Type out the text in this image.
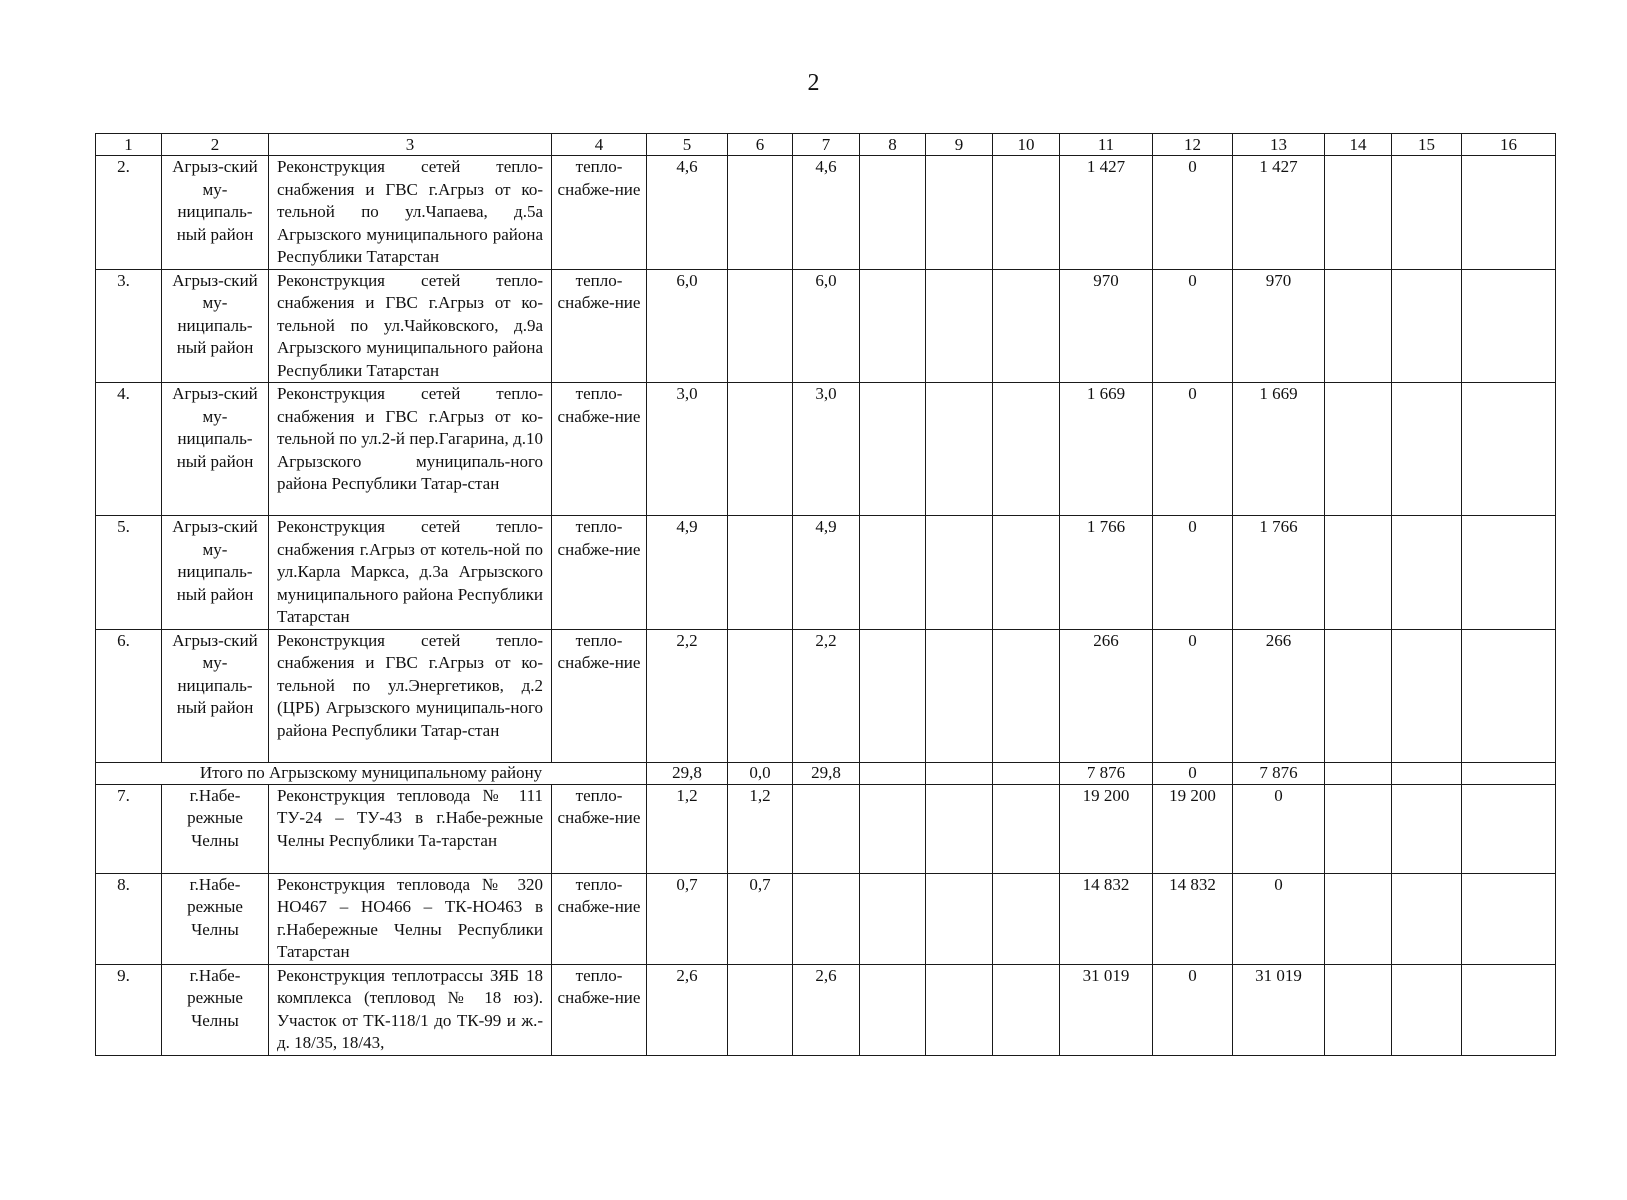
2
1	2	3	4	5	6	7	8	9	10	11	12	13	14	15	16
2.	Агрыз-ский му-ниципаль-ный район	Реконструкция сетей тепло-снабжения и ГВС г.Агрыз от ко-тельной по ул.Чапаева, д.5а Агрызского муниципального района Республики Татарстан	тепло-снабже-ние	4,6		4,6				1 427	0	1 427			
3.	Агрыз-ский му-ниципаль-ный район	Реконструкция сетей тепло-снабжения и ГВС г.Агрыз от ко-тельной по ул.Чайковского, д.9а Агрызского муниципального района Республики Татарстан	тепло-снабже-ние	6,0		6,0				970	0	970			
4.	Агрыз-ский му-ниципаль-ный район	Реконструкция сетей тепло-снабжения и ГВС г.Агрыз от ко-тельной по ул.2-й пер.Гагарина, д.10 Агрызского муниципаль-ного района Республики Татар-стан	тепло-снабже-ние	3,0		3,0				1 669	0	1 669			
5.	Агрыз-ский му-ниципаль-ный район	Реконструкция сетей тепло-снабжения г.Агрыз от котель-ной по ул.Карла Маркса, д.3а Агрызского муниципального района Республики Татарстан	тепло-снабже-ние	4,9		4,9				1 766	0	1 766			
6.	Агрыз-ский му-ниципаль-ный район	Реконструкция сетей тепло-снабжения и ГВС г.Агрыз от ко-тельной по ул.Энергетиков, д.2 (ЦРБ) Агрызского муниципаль-ного района Республики Татар-стан	тепло-снабже-ние	2,2		2,2				266	0	266			
Итого по Агрызскому муниципальному району				29,8	0,0	29,8				7 876	0	7 876			
7.	г.Набе-режные Челны	Реконструкция тепловода № 111 ТУ-24 – ТУ-43 в г.Набе-режные Челны Республики Та-тарстан	тепло-снабже-ние	1,2	1,2					19 200	19 200	0			
8.	г.Набе-режные Челны	Реконструкция тепловода № 320 НО467 – НО466 – ТК-НО463 в г.Набережные Челны Республики Татарстан	тепло-снабже-ние	0,7	0,7					14 832	14 832	0			
9.	г.Набе-режные Челны	Реконструкция теплотрассы ЗЯБ 18 комплекса (тепловод № 18 юз). Участок от ТК-118/1 до ТК-99 и ж.-д. 18/35, 18/43,	тепло-снабже-ние	2,6		2,6				31 019	0	31 019			
